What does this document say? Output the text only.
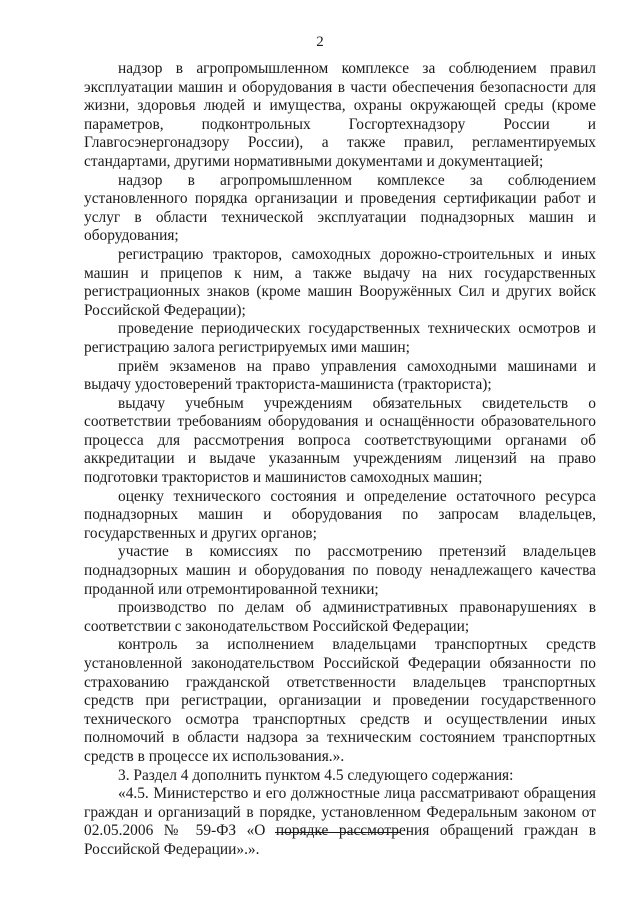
2

надзор в агропромышленном комплексе за соблюдением правил эксплуатации машин и оборудования в части обеспечения безопасности для жизни, здоровья людей и имущества, охраны окружающей среды (кроме параметров, подконтрольных Госгортехнадзору России и Главгосэнергонадзору России), а также правил, регламентируемых стандартами, другими нормативными документами и документацией;

надзор в агропромышленном комплексе за соблюдением установленного порядка организации и проведения сертификации работ и услуг в области технической эксплуатации поднадзорных машин и оборудования;

регистрацию тракторов, самоходных дорожно-строительных и иных машин и прицепов к ним, а также выдачу на них государственных регистрационных знаков (кроме машин Вооружённых Сил и других войск Российской Федерации);

проведение периодических государственных технических осмотров и регистрацию залога регистрируемых ими машин;

приём экзаменов на право управления самоходными машинами и выдачу удостоверений тракториста-машиниста (тракториста);

выдачу учебным учреждениям обязательных свидетельств о соответствии требованиям оборудования и оснащённости образовательного процесса для рассмотрения вопроса соответствующими органами об аккредитации и выдаче указанным учреждениям лицензий на право подготовки трактористов и машинистов самоходных машин;

оценку технического состояния и определение остаточного ресурса поднадзорных машин и оборудования по запросам владельцев, государственных и других органов;

участие в комиссиях по рассмотрению претензий владельцев поднадзорных машин и оборудования по поводу ненадлежащего качества проданной или отремонтированной техники;

производство по делам об административных правонарушениях в соответствии с законодательством Российской Федерации;

контроль за исполнением владельцами транспортных средств установленной законодательством Российской Федерации обязанности по страхованию гражданской ответственности владельцев транспортных средств при регистрации, организации и проведении государственного технического осмотра транспортных средств и осуществлении иных полномочий в области надзора за техническим состоянием транспортных средств в процессе их использования.».

3. Раздел 4 дополнить пунктом 4.5 следующего содержания:

«4.5. Министерство и его должностные лица рассматривают обращения граждан и организаций в порядке, установленном Федеральным законом от 02.05.2006 № 59-ФЗ «О порядке рассмотрения обращений граждан в Российской Федерации».».
